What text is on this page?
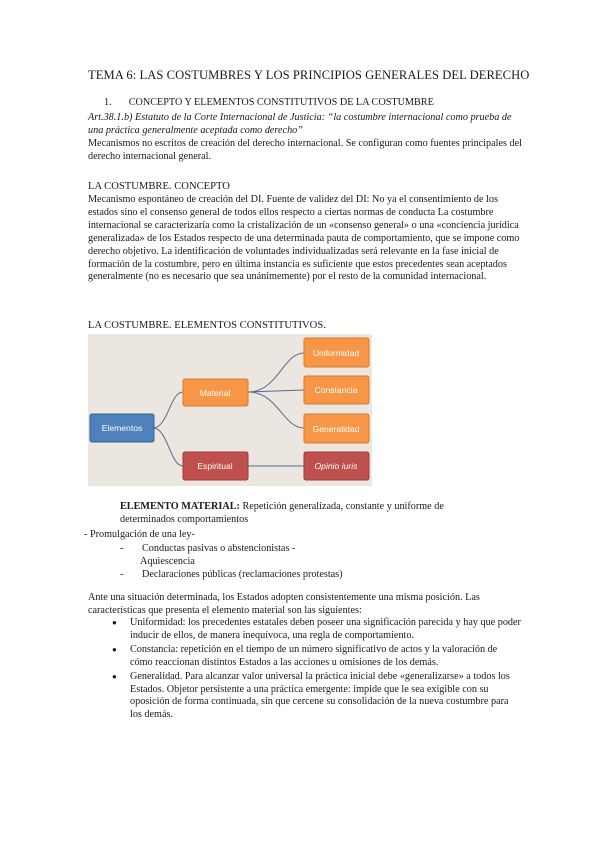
TEMA 6: LAS COSTUMBRES Y LOS PRINCIPIOS GENERALES DEL DERECHO
1. CONCEPTO Y ELEMENTOS CONSTITUTIVOS DE LA COSTUMBRE
Art.38.1.b) Estatuto de la Corte Internacional de Justicia: “la costumbre internacional como prueba de una práctica generalmente aceptada como derecho”
Mecanismos no escritos de creación del derecho internacional. Se configuran como fuentes principales del derecho internacional general.
LA COSTUMBRE. CONCEPTO
Mecanismo espontáneo de creación del DI. Fuente de validez del DI: No ya el consentimiento de los estados sino el consenso general de todos ellos respecto a ciertas normas de conducta La costumbre internacional se caracterizaría como la cristalización de un «consenso general» o una «conciencia jurídica generalizada» de los Estados respecto de una determinada pauta de comportamiento, que se impone como derecho objetivo. La identificación de voluntades individualizadas será relevante en la fase inicial de formación de la costumbre, pero en última instancia es suficiente que estos precedentes sean aceptados generalmente (no es necesario que sea unánimemente) por el resto de la comunidad internacional.
LA COSTUMBRE. ELEMENTOS CONSTITUTIVOS.
Elementos
Material
Espiritual
Uniformidad
Constancia
Generalidad
Opinio iuris
ELEMENTO MATERIAL: Repetición generalizada, constante y uniforme de determinados comportamientos
- Promulgación de una ley-
- Conductas pasivas o abstencionistas -
Aquiescencia
- Declaraciones públicas (reclamaciones protestas)
Ante una situación determinada, los Estados adopten consistentemente una misma posición. Las características que presenta el elemento material son las siguientes:
● Uniformidad: los precedentes estatales deben poseer una significación parecida y hay que poder inducir de ellos, de manera inequívoca, una regla de comportamiento.
● Constancia: repetición en el tiempo de un número significativo de actos y la valoración de cómo reaccionan distintos Estados a las acciones u omisiones de los demás.
● Generalidad. Para alcanzar valor universal la práctica inicial debe «generalizarse» a todos los Estados. Objetor persistente a una práctica emergente: impide que le sea exigible con su oposición de forma continuada, sin que cercene su consolidación de la nueva costumbre para los demás.
